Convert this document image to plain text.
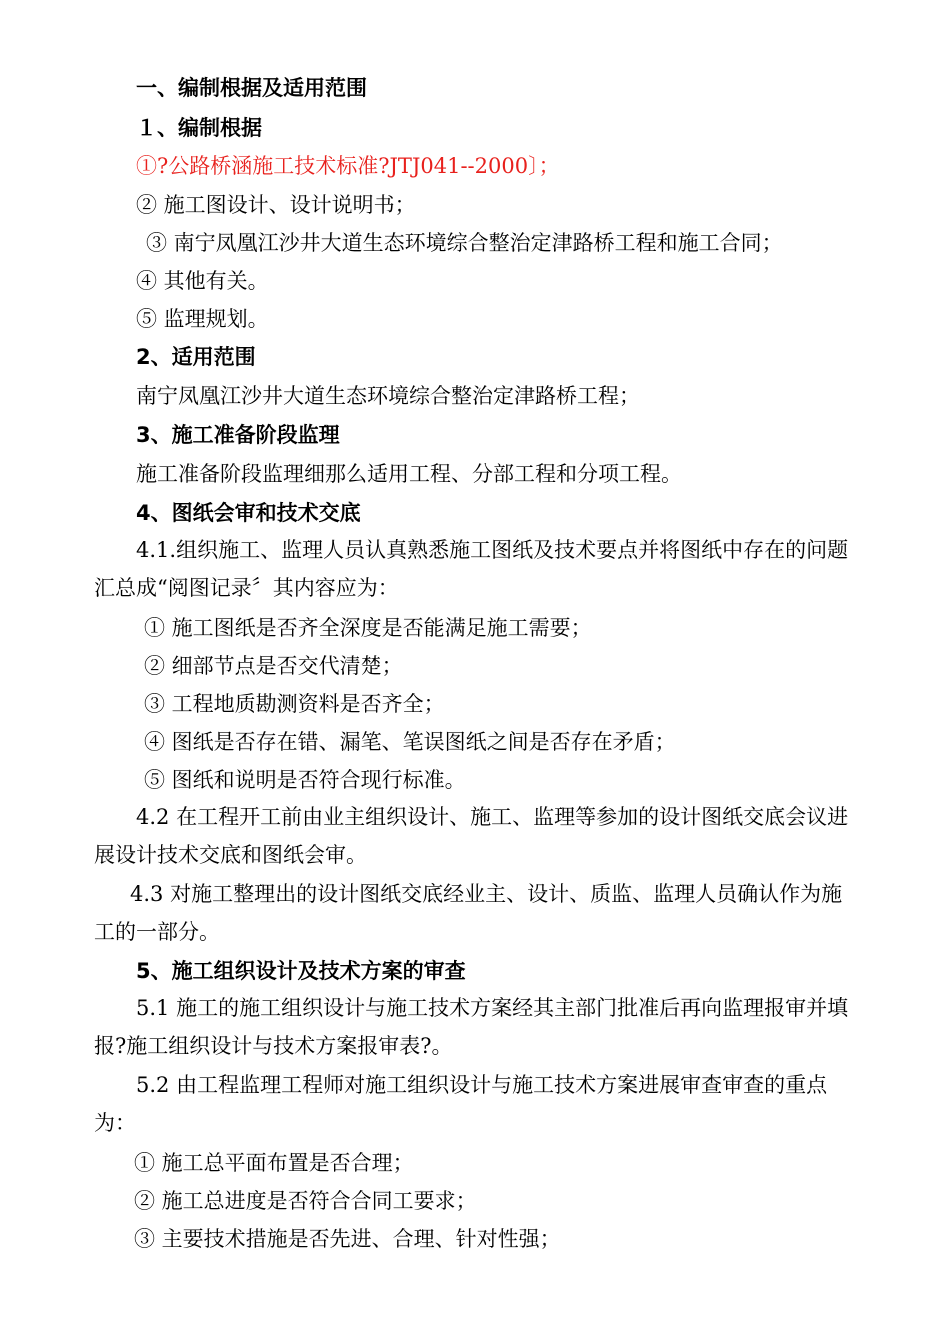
一、编制根据及适用范围
１、编制根据
①?公路桥涵施工技术标准?JTJ041--2000〕；
② 施工图设计、设计说明书；
③ 南宁凤凰江沙井大道生态环境综合整治定津路桥工程和施工合同；
④ 其他有关。
⑤ 监理规划。
2、适用范围
南宁凤凰江沙井大道生态环境综合整治定津路桥工程；
3、施工准备阶段监理
施工准备阶段监理细那么适用工程、分部工程和分项工程。
4、图纸会审和技术交底
4.1.组织施工、监理人员认真熟悉施工图纸及技术要点并将图纸中存在的问题汇总成“阅图记录〞其内容应为：
① 施工图纸是否齐全深度是否能满足施工需要；
② 细部节点是否交代清楚；
③ 工程地质勘测资料是否齐全；
④ 图纸是否存在错、漏笔、笔误图纸之间是否存在矛盾；
⑤ 图纸和说明是否符合现行标准。
4.2 在工程开工前由业主组织设计、施工、监理等参加的设计图纸交底会议进展设计技术交底和图纸会审。
4.3 对施工整理出的设计图纸交底经业主、设计、质监、监理人员确认作为施工的一部分。
5、施工组织设计及技术方案的审查
5.1 施工的施工组织设计与施工技术方案经其主部门批准后再向监理报审并填报?施工组织设计与技术方案报审表?。
5.2 由工程监理工程师对施工组织设计与施工技术方案进展审查审查的重点为：
① 施工总平面布置是否合理；
② 施工总进度是否符合合同工要求；
③ 主要技术措施是否先进、合理、针对性强；
